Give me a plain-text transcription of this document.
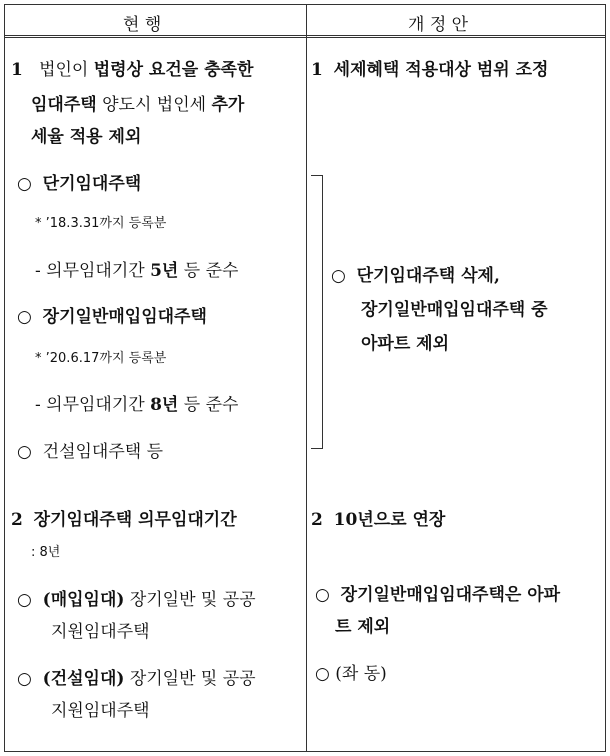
현 행	개 정 안
1 법인이 법령상 요건을 충족한
임대주택 양도시 법인세 추가
세율 적용 제외
○ 단기임대주택
* ’18.3.31까지 등록분
- 의무임대기간 5년 등 준수
○ 장기일반매입임대주택
* ’20.6.17까지 등록분
- 의무임대기간 8년 등 준수
○ 건설임대주택 등
2 장기임대주택 의무임대기간
: 8년
○ (매입임대) 장기일반 및 공공
지원임대주택
○ (건설임대) 장기일반 및 공공
지원임대주택
1 세제혜택 적용대상 범위 조정
○ 단기임대주택 삭제,
장기일반매입임대주택 중
아파트 제외
2 10년으로 연장
○ 장기일반매입임대주택은 아파
트 제외
○ (좌 동)
